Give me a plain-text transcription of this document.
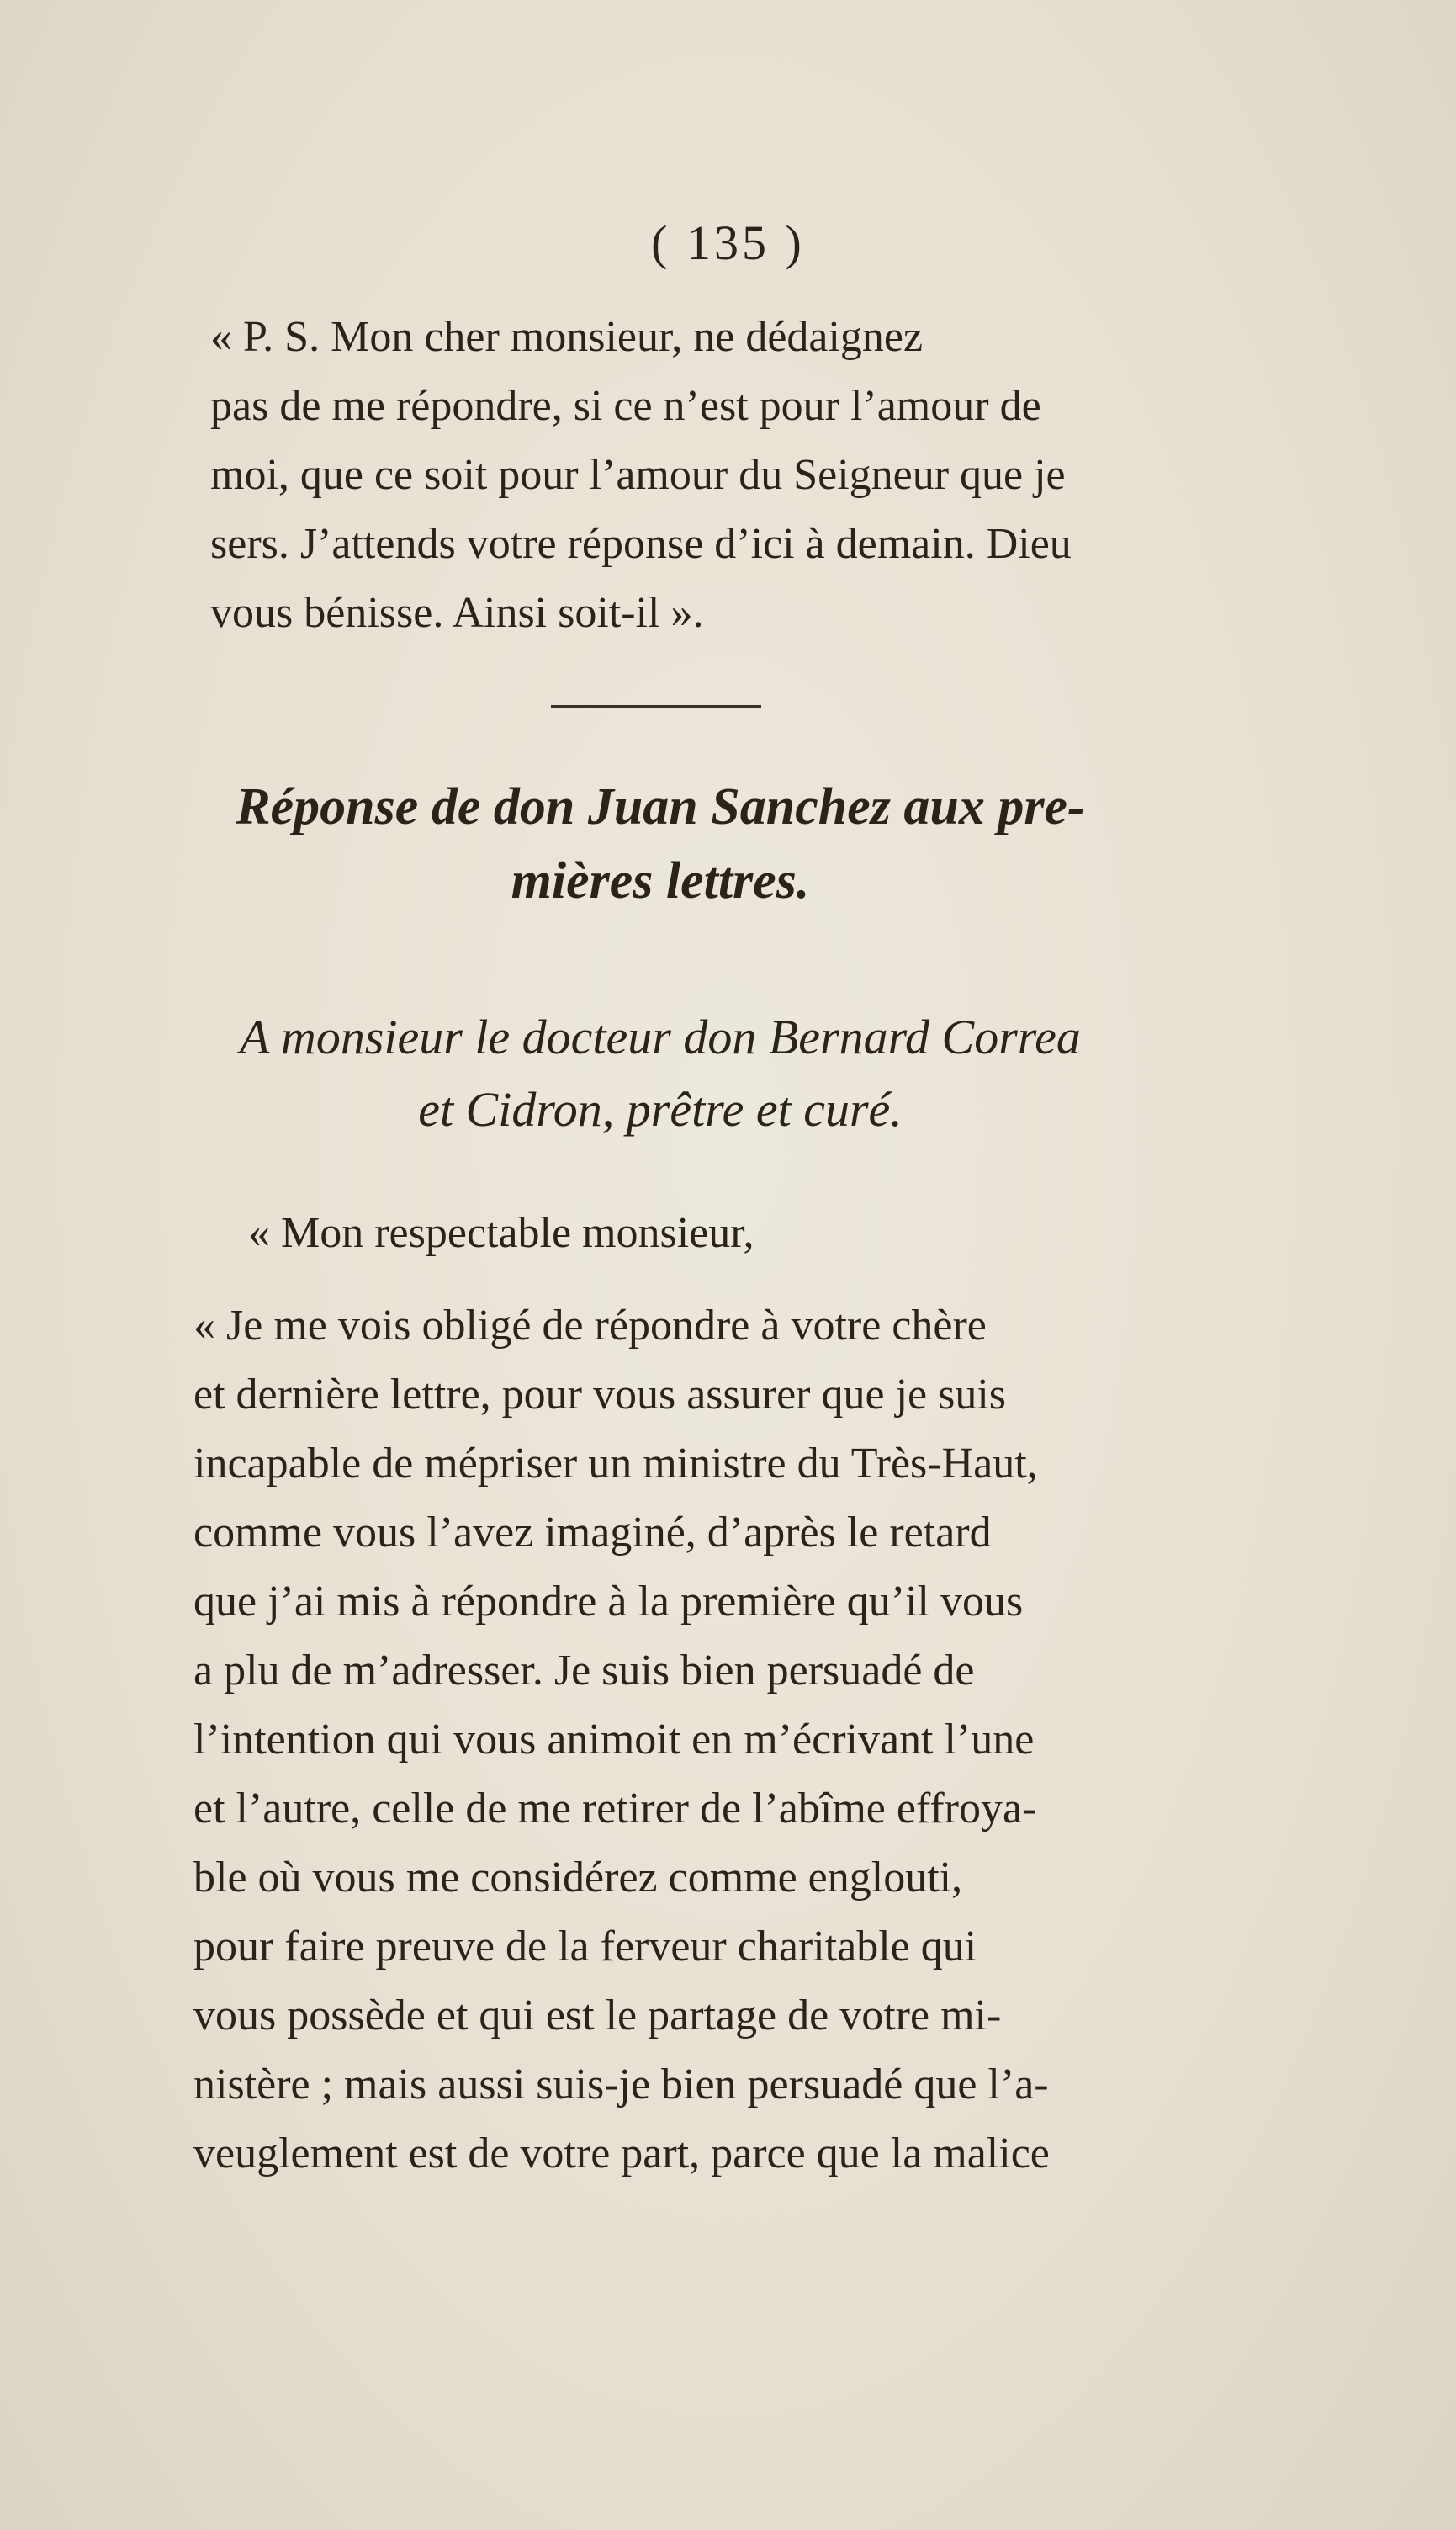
( 135 )
« P. S. Mon cher monsieur, ne dédaignez
pas de me répondre, si ce n’est pour l’amour de
moi, que ce soit pour l’amour du Seigneur que je
sers. J’attends votre réponse d’ici à demain. Dieu
vous bénisse. Ainsi soit-il ».
Réponse de don Juan Sanchez aux pre-
mières lettres.
A monsieur le docteur don Bernard Correa
et Cidron, prêtre et curé.
« Mon respectable monsieur,
« Je me vois obligé de répondre à votre chère
et dernière lettre, pour vous assurer que je suis
incapable de mépriser un ministre du Très-Haut,
comme vous l’avez imaginé, d’après le retard
que j’ai mis à répondre à la première qu’il vous
a plu de m’adresser. Je suis bien persuadé de
l’intention qui vous animoit en m’écrivant l’une
et l’autre, celle de me retirer de l’abîme effroya-
ble où vous me considérez comme englouti,
pour faire preuve de la ferveur charitable qui
vous possède et qui est le partage de votre mi-
nistère ; mais aussi suis-je bien persuadé que l’a-
veuglement est de votre part, parce que la malice
